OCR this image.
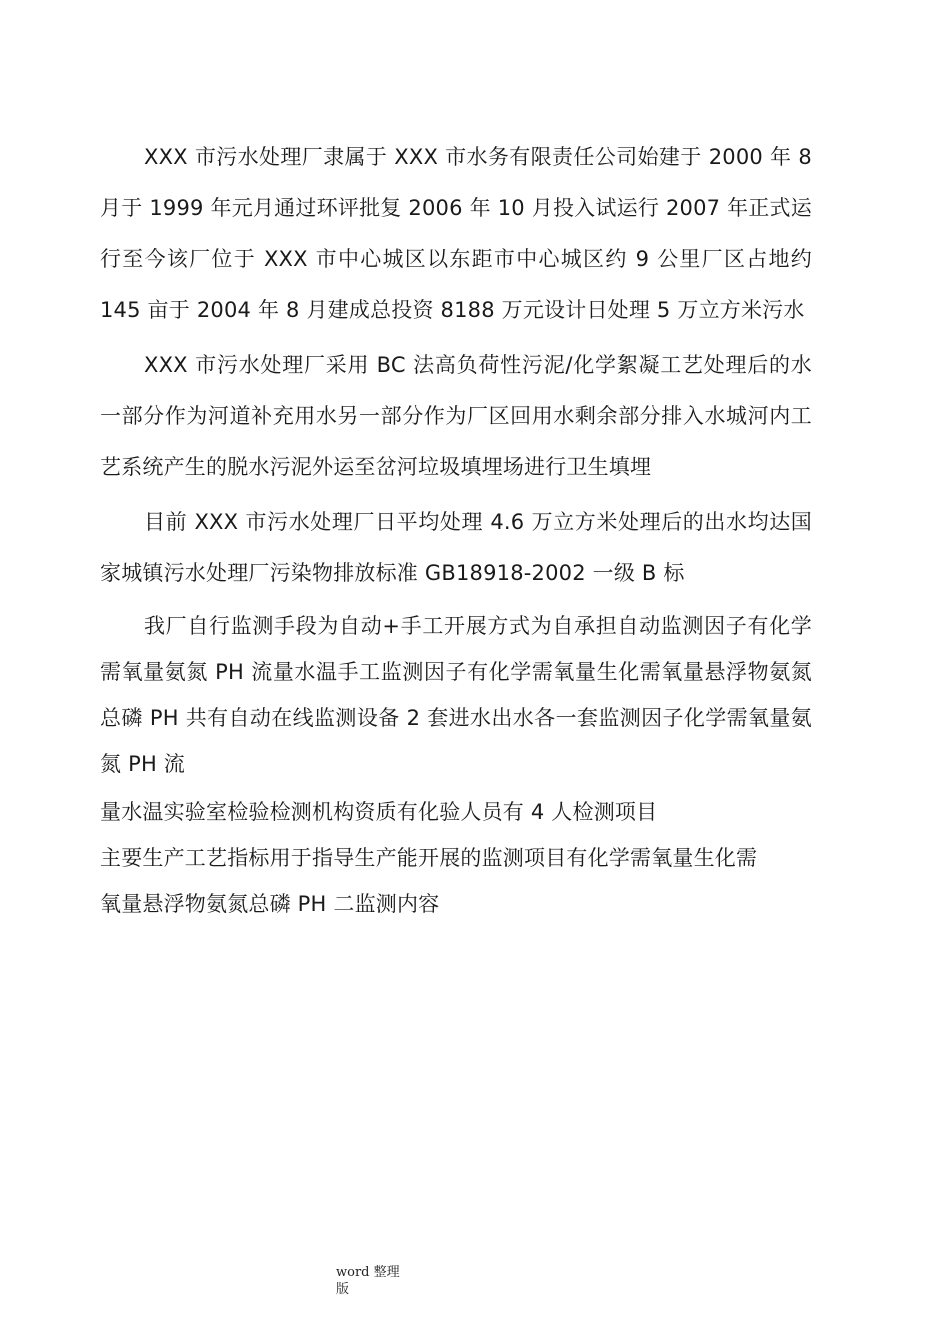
XXX 市污水处理厂隶属于 XXX 市水务有限责任公司始建于 2000 年 8 月于 1999 年元月通过环评批复 2006 年 10 月投入试运行 2007 年正式运行至今该厂位于 XXX 市中心城区以东距市中心城区约 9 公里厂区占地约 145 亩于 2004 年 8 月建成总投资 8188 万元设计日处理 5 万立方米污水

XXX 市污水处理厂采用 BC 法高负荷性污泥/化学絮凝工艺处理后的水一部分作为河道补充用水另一部分作为厂区回用水剩余部分排入水城河内工艺系统产生的脱水污泥外运至岔河垃圾填埋场进行卫生填埋

目前 XXX 市污水处理厂日平均处理 4.6 万立方米处理后的出水均达国家城镇污水处理厂污染物排放标准 GB18918-2002 一级 B 标

我厂自行监测手段为自动+手工开展方式为自承担自动监测因子有化学需氧量氨氮 PH 流量水温手工监测因子有化学需氧量生化需氧量悬浮物氨氮总磷 PH 共有自动在线监测设备 2 套进水出水各一套监测因子化学需氧量氨氮 PH 流

量水温实验室检验检测机构资质有化验人员有 4 人检测项目

主要生产工艺指标用于指导生产能开展的监测项目有化学需氧量生化需

氧量悬浮物氨氮总磷 PH 二监测内容

word 整理版
